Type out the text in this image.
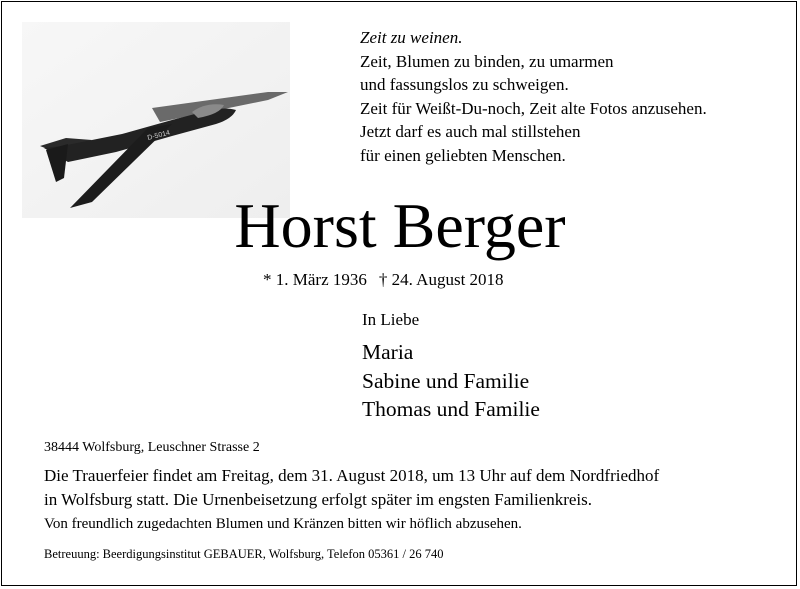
D-5014
Zeit zu weinen.
Zeit, Blumen zu binden, zu umarmen
und fassungslos zu schweigen.
Zeit für Weißt-Du-noch, Zeit alte Fotos anzusehen.
Jetzt darf es auch mal stillstehen
für einen geliebten Menschen.
Horst Berger
* 1. März 1936 † 24. August 2018
In Liebe
Maria
Sabine und Familie
Thomas und Familie
38444 Wolfsburg, Leuschner Strasse 2
Die Trauerfeier findet am Freitag, dem 31. August 2018, um 13 Uhr auf dem Nordfriedhof
in Wolfsburg statt. Die Urnenbeisetzung erfolgt später im engsten Familienkreis.
Von freundlich zugedachten Blumen und Kränzen bitten wir höflich abzusehen.
Betreuung: Beerdigungsinstitut GEBAUER, Wolfsburg, Telefon 05361 / 26 740
